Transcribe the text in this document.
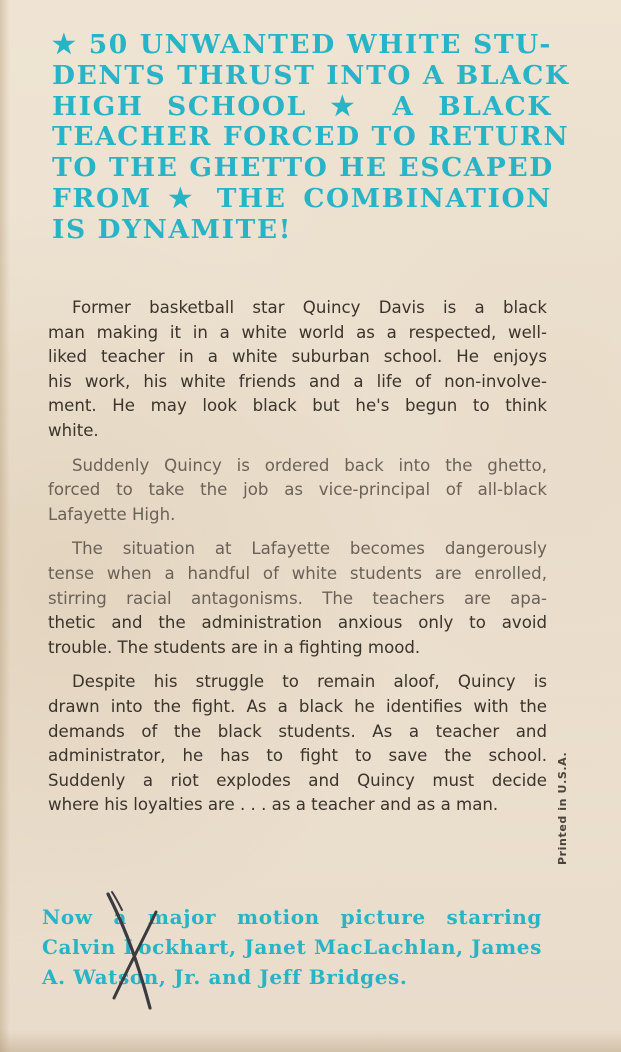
★ 50 UNWANTED WHITE STU-
DENTS THRUST INTO A BLACK
HIGH SCHOOL ★ A BLACK
TEACHER FORCED TO RETURN
TO THE GHETTO HE ESCAPED
FROM ★ THE COMBINATION
IS DYNAMITE!
Former basketball star Quincy Davis is a black
man making it in a white world as a respected, well-
liked teacher in a white suburban school. He enjoys
his work, his white friends and a life of non-involve-
ment. He may look black but he's begun to think
white.
Suddenly Quincy is ordered back into the ghetto,
forced to take the job as vice-principal of all-black
Lafayette High.
The situation at Lafayette becomes dangerously
tense when a handful of white students are enrolled,
stirring racial antagonisms. The teachers are apa-
thetic and the administration anxious only to avoid
trouble. The students are in a fighting mood.
Despite his struggle to remain aloof, Quincy is
drawn into the fight. As a black he identifies with the
demands of the black students. As a teacher and
administrator, he has to fight to save the school.
Suddenly a riot explodes and Quincy must decide
where his loyalties are . . . as a teacher and as a man.	Printed in U.S.A.
Now a major motion picture starring
Calvin Lockhart, Janet MacLachlan, James
A. Watson, Jr. and Jeff Bridges.
